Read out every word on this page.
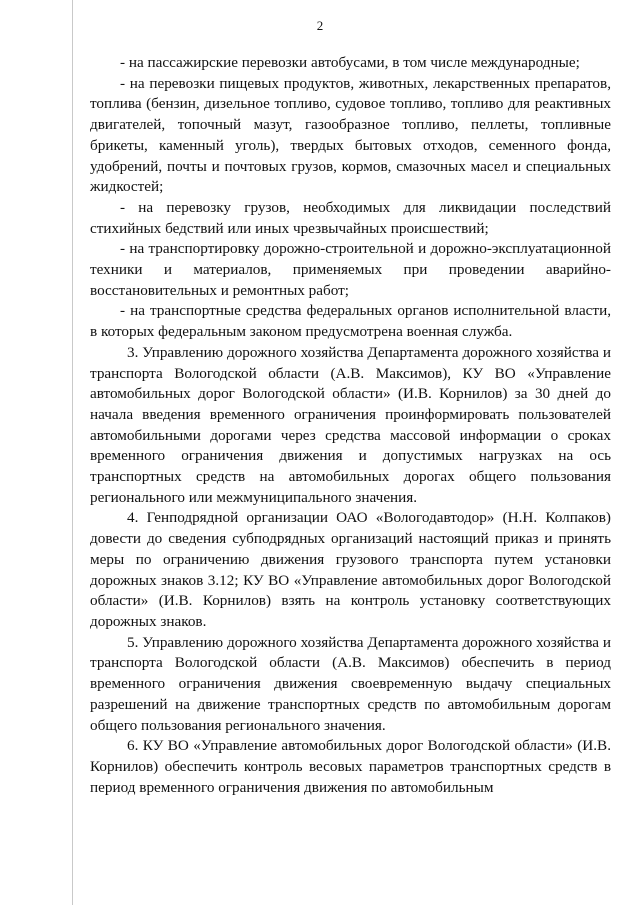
2

- на пассажирские перевозки автобусами, в том числе международные;

- на перевозки пищевых продуктов, животных, лекарственных препаратов, топлива (бензин, дизельное топливо, судовое топливо, топливо для реактивных двигателей, топочный мазут, газообразное топливо, пеллеты, топливные брикеты, каменный уголь), твердых бытовых отходов, семенного фонда, удобрений, почты и почтовых грузов, кормов, смазочных масел и специальных жидкостей;

- на перевозку грузов, необходимых для ликвидации последствий стихийных бедствий или иных чрезвычайных происшествий;

- на транспортировку дорожно-строительной и дорожно-эксплуатационной техники и материалов, применяемых при проведении аварийно-восстановительных и ремонтных работ;

- на транспортные средства федеральных органов исполнительной власти, в которых федеральным законом предусмотрена военная служба.

3. Управлению дорожного хозяйства Департамента дорожного хозяйства и транспорта Вологодской области (А.В. Максимов), КУ ВО «Управление автомобильных дорог Вологодской области» (И.В. Корнилов) за 30 дней до начала введения временного ограничения проинформировать пользователей автомобильными дорогами через средства массовой информации о сроках временного ограничения движения и допустимых нагрузках на ось транспортных средств на автомобильных дорогах общего пользования регионального или межмуниципального значения.

4. Генподрядной организации ОАО «Вологодавтодор» (Н.Н. Колпаков) довести до сведения субподрядных организаций настоящий приказ и принять меры по ограничению движения грузового транспорта путем установки дорожных знаков 3.12; КУ ВО «Управление автомобильных дорог Вологодской области» (И.В. Корнилов) взять на контроль установку соответствующих дорожных знаков.

5. Управлению дорожного хозяйства Департамента дорожного хозяйства и транспорта Вологодской области (А.В. Максимов) обеспечить в период временного ограничения движения своевременную выдачу специальных разрешений на движение транспортных средств по автомобильным дорогам общего пользования регионального значения.

6. КУ ВО «Управление автомобильных дорог Вологодской области» (И.В. Корнилов) обеспечить контроль весовых параметров транспортных средств в период временного ограничения движения по автомобильным
